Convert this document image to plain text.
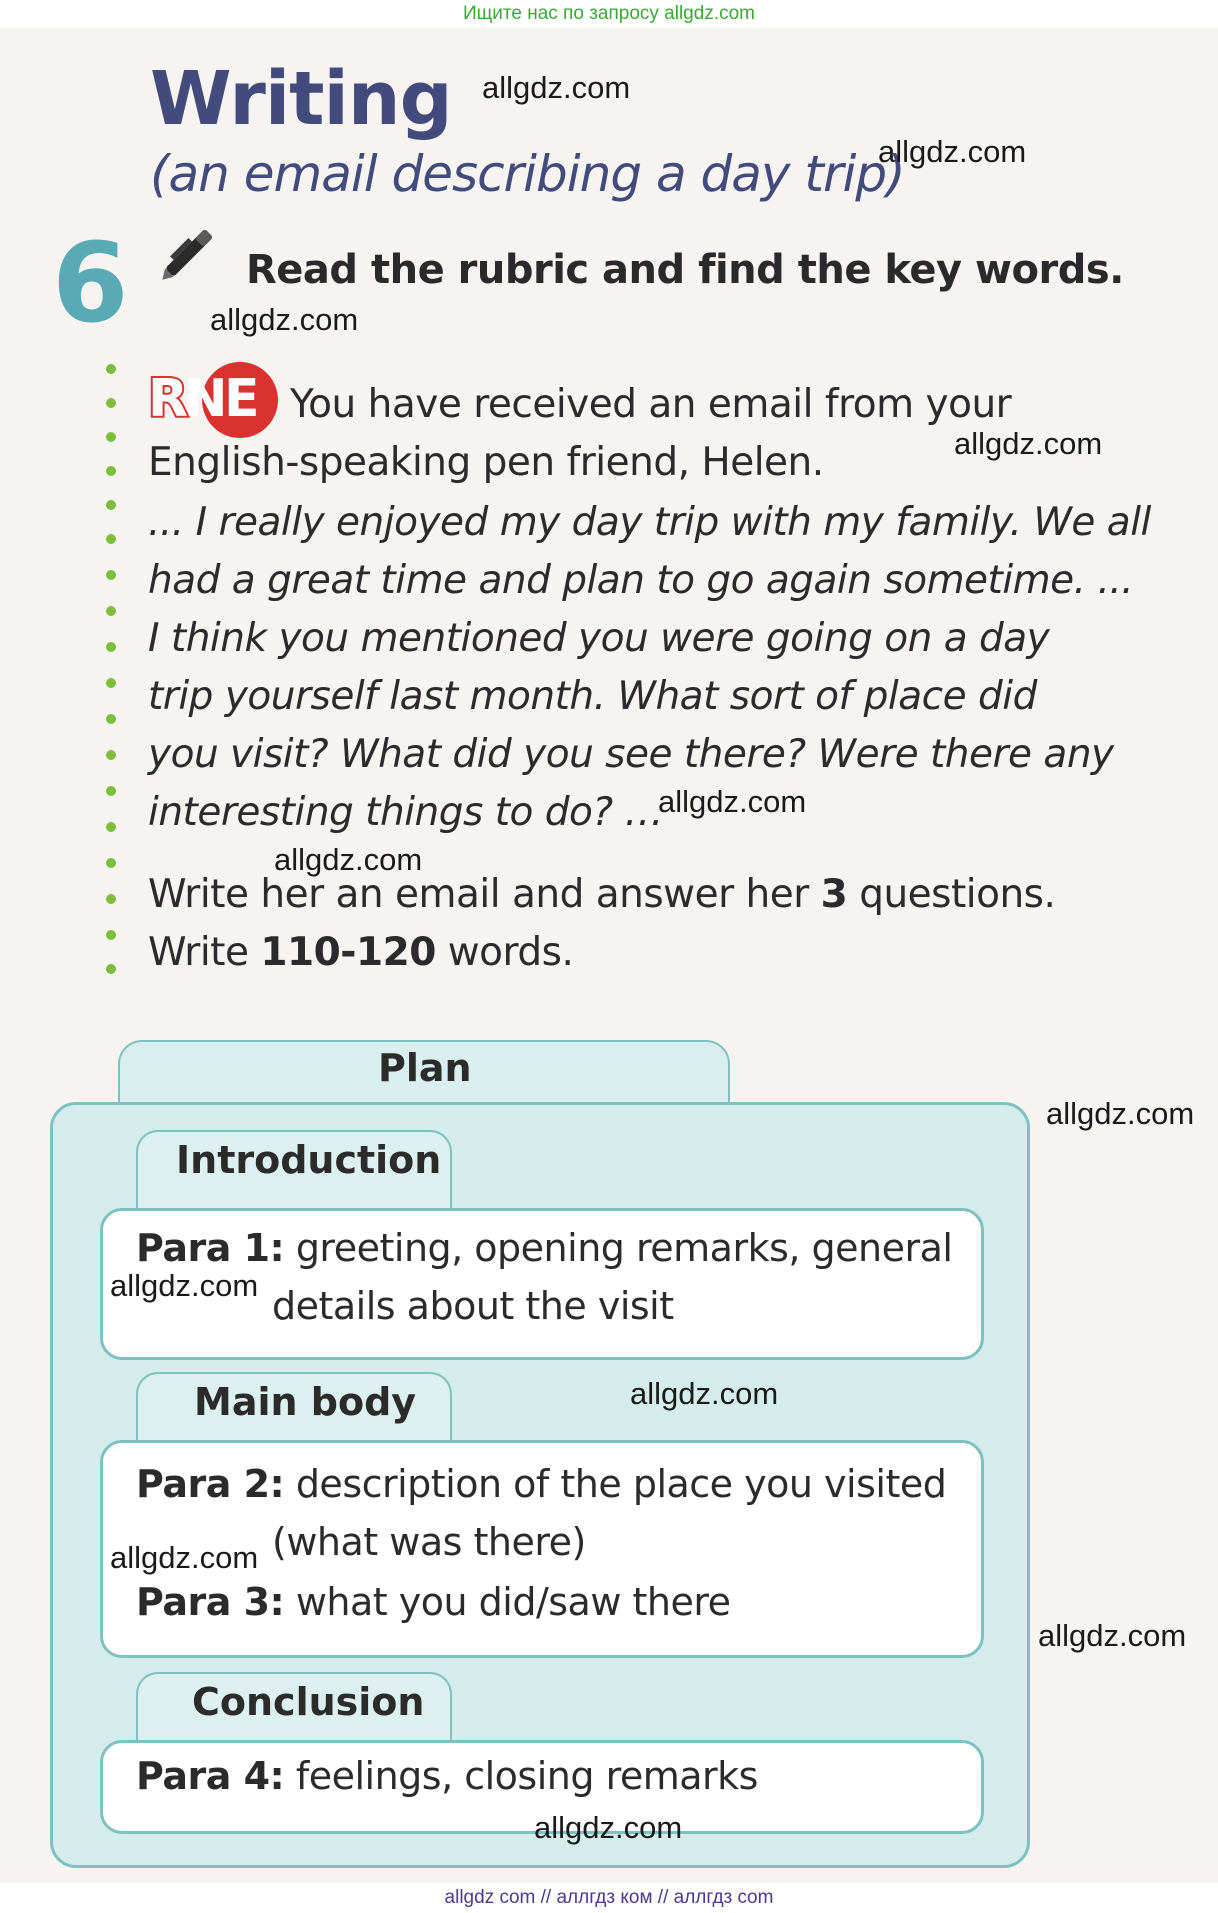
Ищите нас по запросу allgdz.com
Writing
(an email describing a day trip)
6	Read the rubric and find the key words.
R
N
E You have received an email from your
English-speaking pen friend, Helen.
... I really enjoyed my day trip with my family. We all
had a great time and plan to go again sometime. ...
I think you mentioned you were going on a day
trip yourself last month. What sort of place did
you visit? What did you see there? Were there any
interesting things to do? …
Write her an email and answer her 3 questions.
Write 110-120 words.
Plan
Introduction
Para 1: greeting, opening remarks, general
details about the visit
Main body
Para 2: description of the place you visited
(what was there)
Para 3: what you did/saw there
Conclusion
Para 4: feelings, closing remarks
allgdz.com
allgdz.com
allgdz.com
allgdz.com
allgdz.com
allgdz.com
allgdz.com
allgdz.com
allgdz.com
allgdz.com
allgdz.com
allgdz.com
allgdz com // аллгдз ком // аллгдз com
